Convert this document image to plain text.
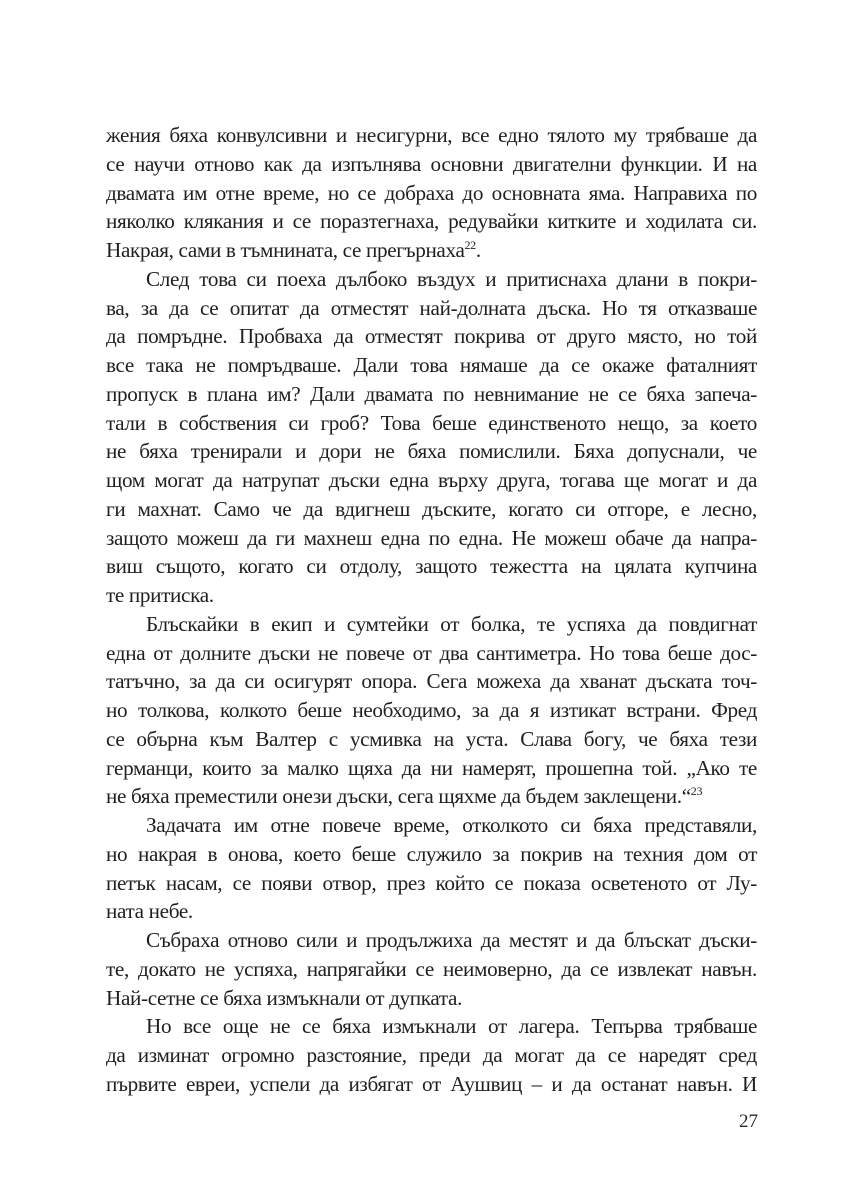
жения бяха конвулсивни и несигурни, все едно тялото му трябваше да
се научи отново как да изпълнява основни двигателни функции. И на
двамата им отне време, но се добраха до основната яма. Направиха по
няколко клякания и се поразтегнаха, редувайки китките и ходилата си.
Накрая, сами в тъмнината, се прегърнаха$^{22}$.
След това си поеха дълбоко въздух и притиснаха длани в покри-
ва, за да се опитат да отместят най-долната дъска. Но тя отказваше
да помръдне. Пробваха да отместят покрива от друго място, но той
все така не помръдваше. Дали това нямаше да се окаже фаталният
пропуск в плана им? Дали двамата по невнимание не се бяха запеча-
тали в собствения си гроб? Това беше единственото нещо, за което
не бяха тренирали и дори не бяха помислили. Бяха допуснали, че
щом могат да натрупат дъски една върху друга, тогава ще могат и да
ги махнат. Само че да вдигнеш дъските, когато си отгоре, е лесно,
защото можеш да ги махнеш една по една. Не можеш обаче да напра-
виш същото, когато си отдолу, защото тежестта на цялата купчина
те притиска.
Блъскайки в екип и сумтейки от болка, те успяха да повдигнат
една от долните дъски не повече от два сантиметра. Но това беше дос-
татъчно, за да си осигурят опора. Сега можеха да хванат дъската точ-
но толкова, колкото беше необходимо, за да я изтикат встрани. Фред
се обърна към Валтер с усмивка на уста. Слава богу, че бяха тези
германци, които за малко щяха да ни намерят, прошепна той. „Ако те
не бяха преместили онези дъски, сега щяхме да бъдем заклещени.“$^{23}$
Задачата им отне повече време, отколкото си бяха представяли,
но накрая в онова, което беше служило за покрив на техния дом от
петък насам, се появи отвор, през който се показа осветеното от Лу-
ната небе.
Събраха отново сили и продължиха да местят и да блъскат дъски-
те, докато не успяха, напрягайки се неимоверно, да се извлекат навън.
Най-сетне се бяха измъкнали от дупката.
Но все още не се бяха измъкнали от лагера. Тепърва трябваше
да изминат огромно разстояние, преди да могат да се наредят сред
първите евреи, успели да избягат от Аушвиц – и да останат навън. И
27
